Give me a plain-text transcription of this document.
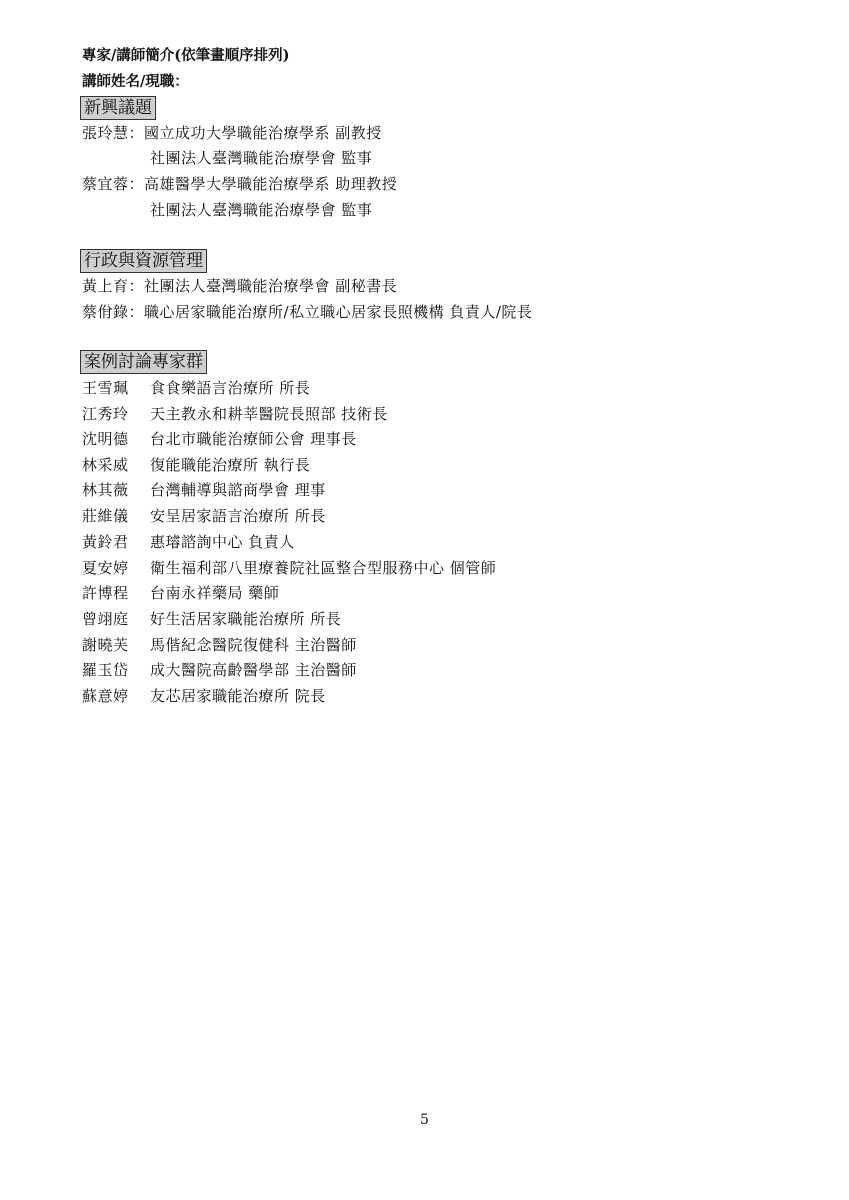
專家/講師簡介(依筆畫順序排列)
講師姓名/現職：
新興議題
張玲慧：國立成功大學職能治療學系 副教授
社團法人臺灣職能治療學會 監事
蔡宜蓉：高雄醫學大學職能治療學系 助理教授
社團法人臺灣職能治療學會 監事
行政與資源管理
黃上育：社團法人臺灣職能治療學會 副秘書長
蔡佾錄：職心居家職能治療所/私立職心居家長照機構 負責人/院長
案例討論專家群
王雪珮 食食樂語言治療所 所長
江秀玲 天主教永和耕莘醫院長照部 技術長
沈明德 台北市職能治療師公會 理事長
林采威 復能職能治療所 執行長
林其薇 台灣輔導與諮商學會 理事
莊維儀 安呈居家語言治療所 所長
黃鈴君 惠璿諮詢中心 負責人
夏安婷 衛生福利部八里療養院社區整合型服務中心 個管師
許博程 台南永祥藥局 藥師
曾翊庭 好生活居家職能治療所 所長
謝曉芙 馬偕紀念醫院復健科 主治醫師
羅玉岱 成大醫院高齡醫學部 主治醫師
蘇意婷 友芯居家職能治療所 院長
5
